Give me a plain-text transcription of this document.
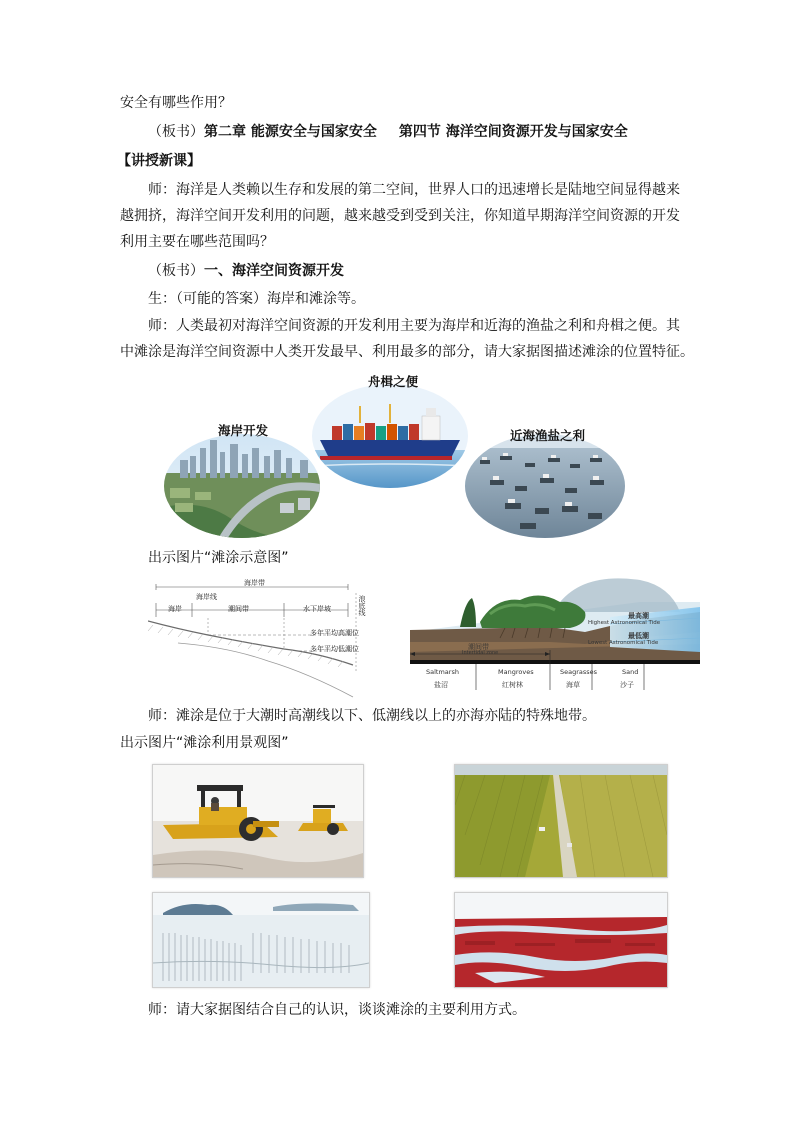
安全有哪些作用？
（板书）第二章 能源安全与国家安全 第四节 海洋空间资源开发与国家安全
【讲授新课】
师：海洋是人类赖以生存和发展的第二空间，世界人口的迅速增长是陆地空间显得越来
越拥挤，海洋空间开发利用的问题，越来越受到受到关注，你知道早期海洋空间资源的开发
利用主要在哪些范围吗？
（板书）一、海洋空间资源开发
生：（可能的答案）海岸和滩涂等。
师：人类最初对海洋空间资源的开发利用主要为海岸和近海的渔盐之利和舟楫之便。其
中滩涂是海洋空间资源中人类开发最早、利用最多的部分，请大家据图描述滩涂的位置特征。
海岸开发
舟楫之便
近海渔盐之利
出示图片“滩涂示意图”
海岸带
海岸线	浪底线
海岸	潮间带	水下岸坡
多年平均高潮位
多年平均低潮位
最高潮
Highest Astronomical Tide
最低潮
Lowest Astronomical Tide
潮间带
Intertidal zone
Saltmarsh
盐沼
Mangroves
红树林
Seagrasses
海草
Sand
沙子
师：滩涂是位于大潮时高潮线以下、低潮线以上的亦海亦陆的特殊地带。
出示图片“滩涂利用景观图”
师：请大家据图结合自己的认识，谈谈滩涂的主要利用方式。
